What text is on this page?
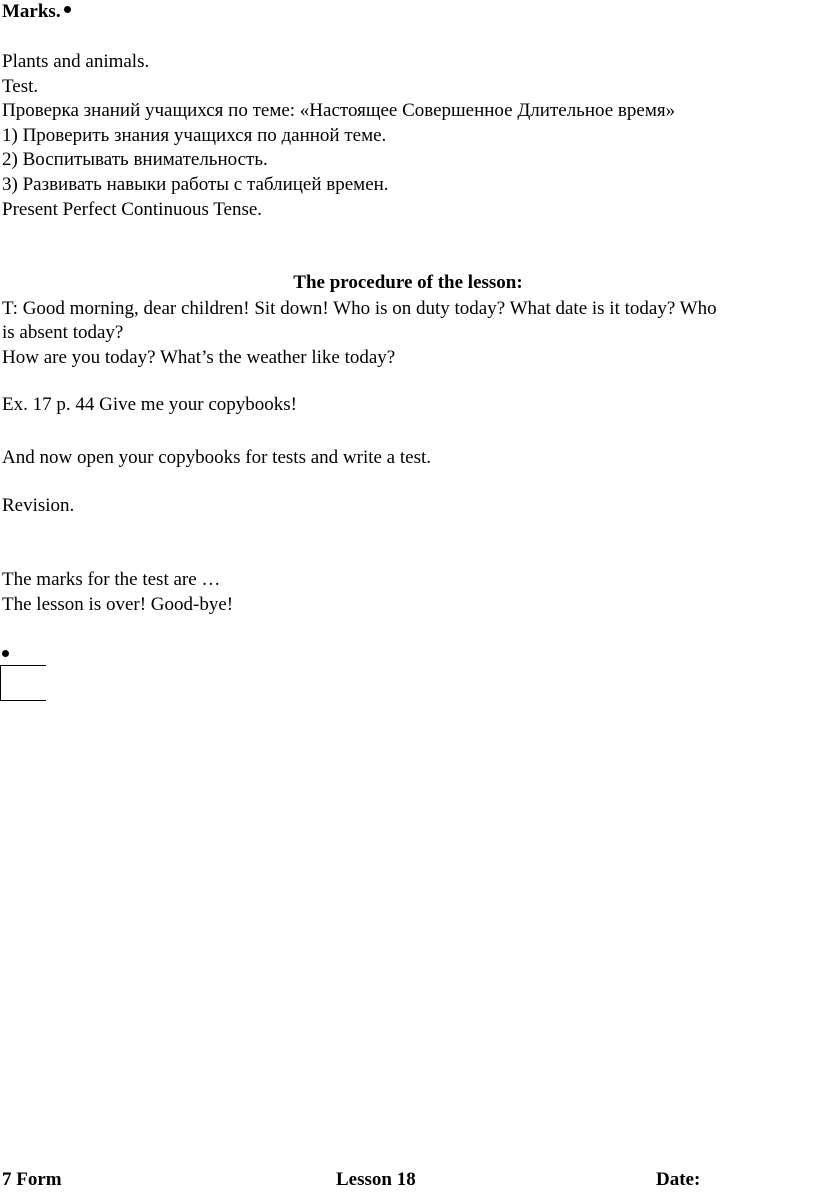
Marks.
Plants and animals.
Test.
Проверка знаний учащихся по теме: «Настоящее Совершенное Длительное время»
1) Проверить знания учащихся по данной теме.
2) Воспитывать внимательность.
3) Развивать навыки работы с таблицей времен.
Present Perfect Continuous Tense.
The procedure of the lesson:
T: Good morning, dear children! Sit down! Who is on duty today? What date is it today? Who
is absent today?
How are you today? What’s the weather like today?
Ex. 17 p. 44 Give me your copybooks!
And now open your copybooks for tests and write a test.
Revision.
The marks for the test are …
The lesson is over! Good-bye!
7 Form	Lesson 18	Date:
